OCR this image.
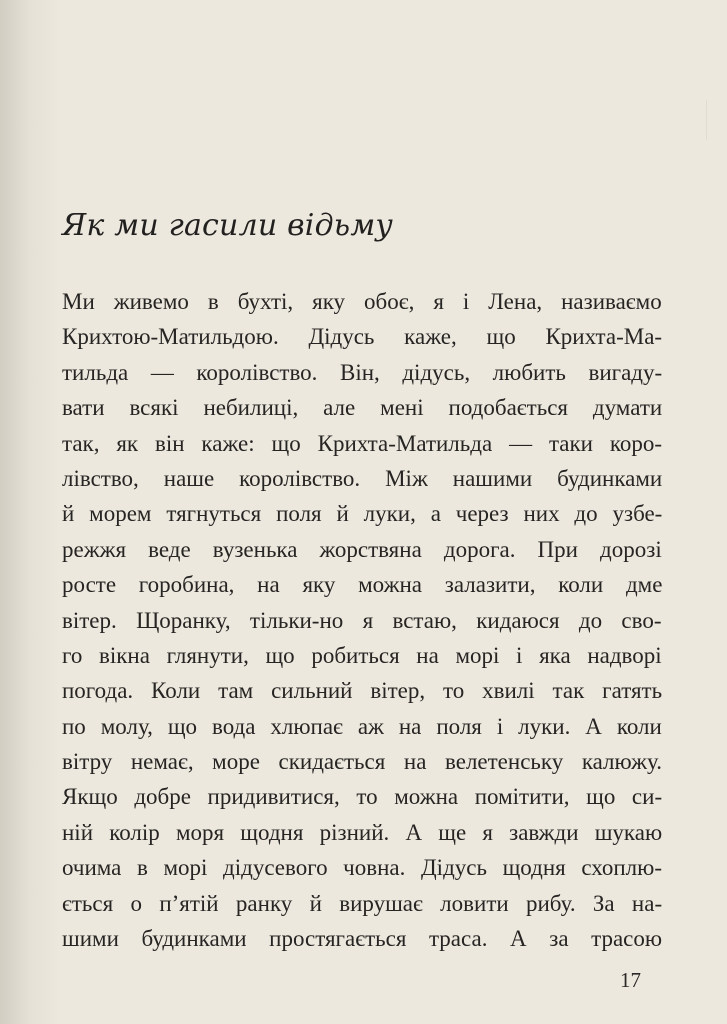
Як ми гасили відьму
Ми живемо в бухті, яку обоє, я і Лена, називаємо
Крихтою-Матильдою. Дідусь каже, що Крихта-Ма-
тильда — королівство. Він, дідусь, любить вигаду-
вати всякі небилиці, але мені подобається думати
так, як він каже: що Крихта-Матильда — таки коро-
лівство, наше королівство. Між нашими будинками
й морем тягнуться поля й луки, а через них до узбе-
режжя веде вузенька жорствяна дорога. При дорозі
росте горобина, на яку можна залазити, коли дме
вітер. Щоранку, тільки-но я встаю, кидаюся до сво-
го вікна глянути, що робиться на морі і яка надворі
погода. Коли там сильний вітер, то хвилі так гатять
по молу, що вода хлюпає аж на поля і луки. А коли
вітру немає, море скидається на велетенську калюжу.
Якщо добре придивитися, то можна помітити, що си-
ній колір моря щодня різний. А ще я завжди шукаю
очима в морі дідусевого човна. Дідусь щодня схоплю-
ється о п’ятій ранку й вирушає ловити рибу. За на-
шими будинками простягається траса. А за трасою
17
